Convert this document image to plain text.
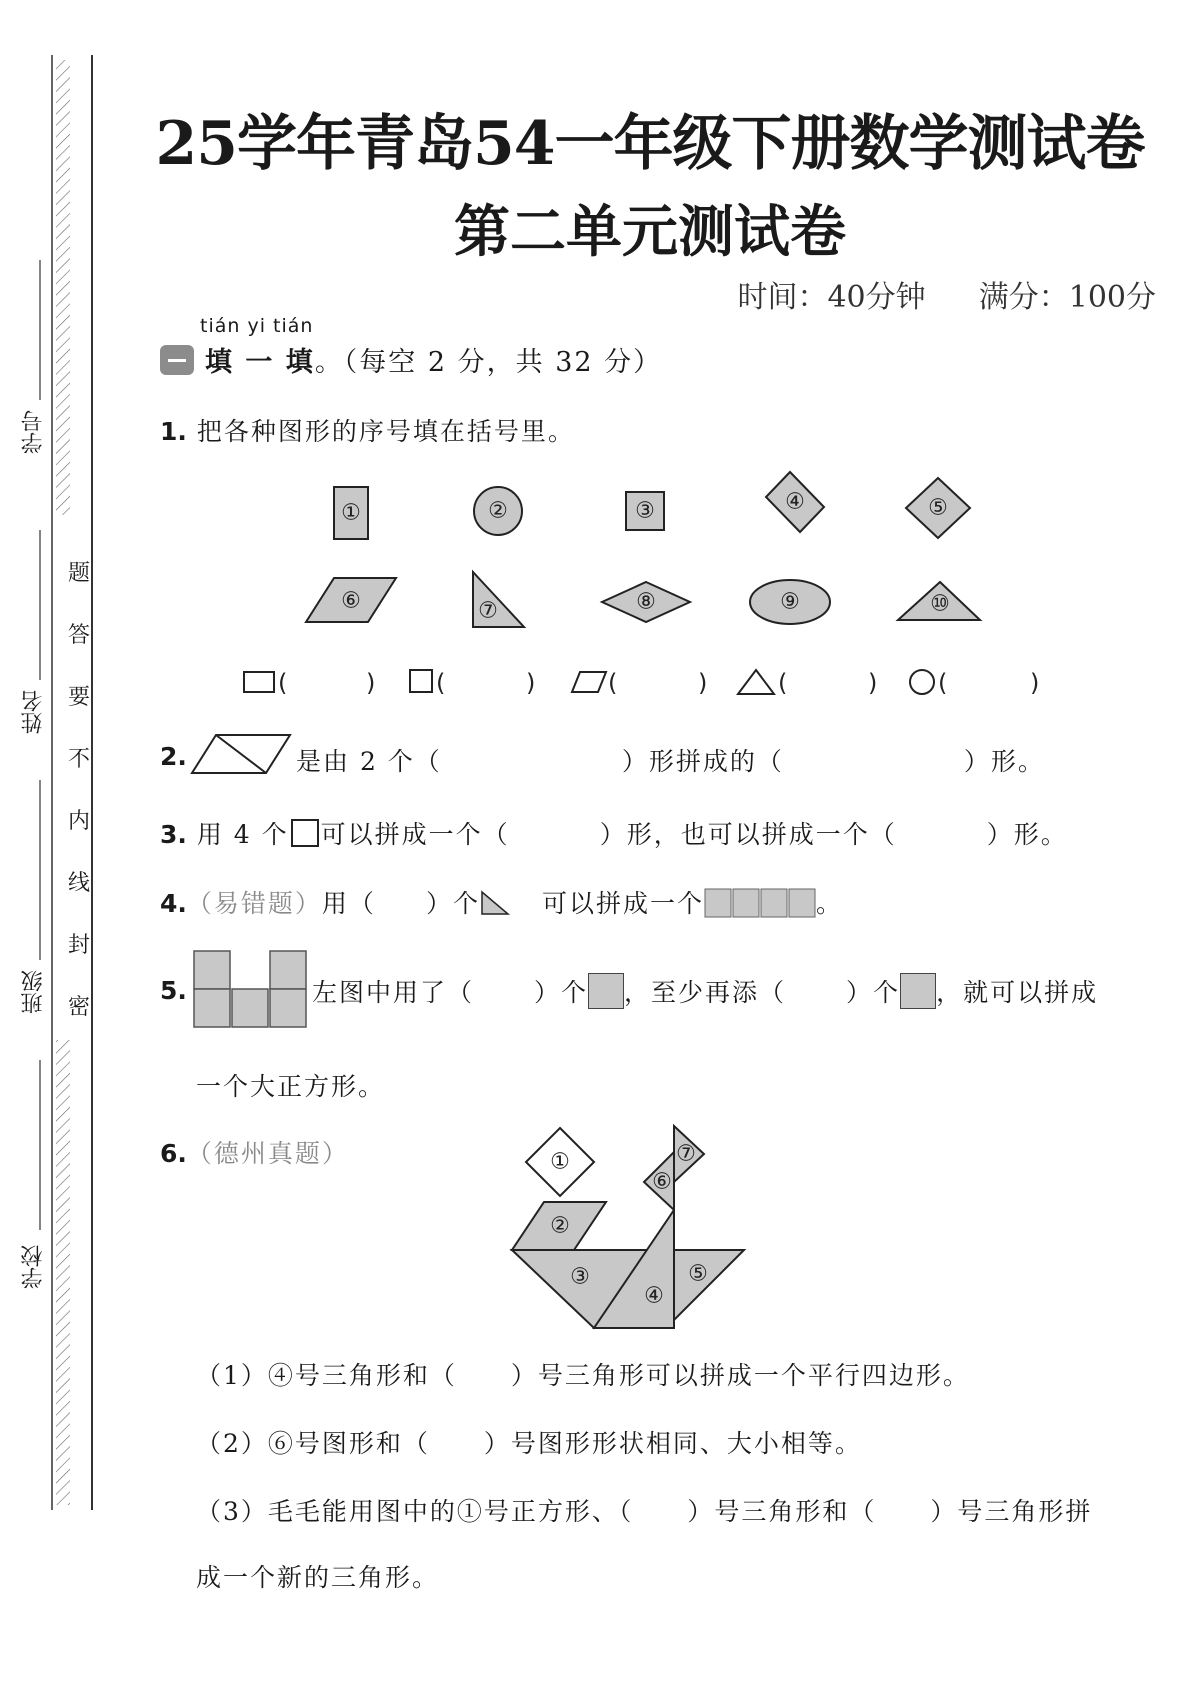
学号
姓名
班级
学校
密
封
线
内
不
要
答
题
25学年青岛54一年级下册数学测试卷
第二单元测试卷
时间：40分钟 满分：100分
tián yi tián
填 一 填。（每空 2 分，共 32 分）
1. 把各种图形的序号填在括号里。
①	②	③	④	⑤
⑥	⑦	⑧	⑨	⑩
(	)	(	)	(	)	(	)	(	)
2.	是由 2 个（	）形拼成的（	）形。
3. 用 4 个 可以拼成一个（	）形，也可以拼成一个（	）形。
4.（易错题）用（ ）个 可以拼成一个	。
5.	左图中用了（ ）个 ，至少再添（ ）个 ，就可以拼成
一个大正方形。
6.（德州真题）	①
②
③
④
⑤
⑥
⑦
（1）④号三角形和（　　）号三角形可以拼成一个平行四边形。
（2）⑥号图形和（　　）号图形形状相同、大小相等。
（3）毛毛能用图中的①号正方形、（　　）号三角形和（　　）号三角形拼
成一个新的三角形。
